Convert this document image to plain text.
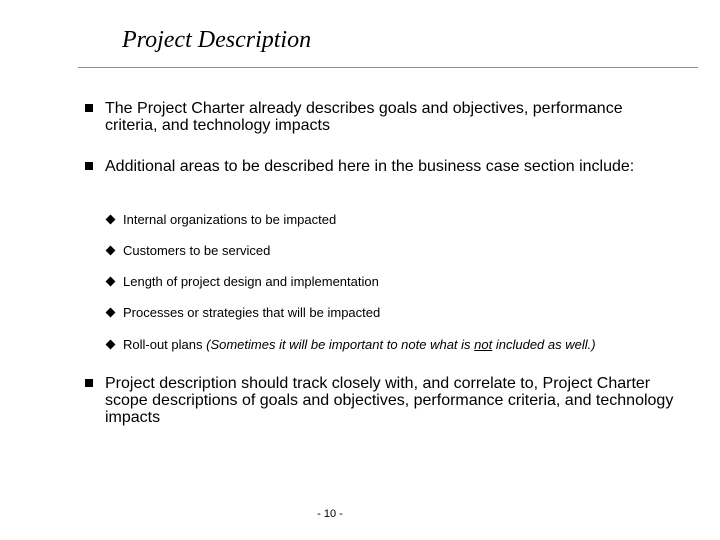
Project Description
The Project Charter already describes goals and objectives, performance criteria, and technology impacts
Additional areas to be described here in the business case section include:
Internal organizations to be impacted
Customers to be serviced
Length of project design and implementation
Processes or strategies that will be impacted
Roll-out plans (Sometimes it will be important to note what is not included as well.)
Project description should track closely with, and correlate to, Project Charter scope descriptions of goals and objectives, performance criteria, and technology impacts
- 10 -
